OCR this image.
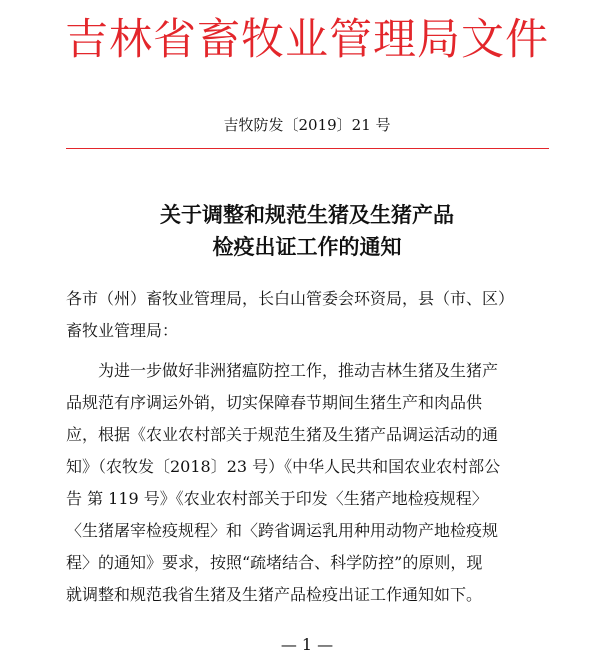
吉林省畜牧业管理局文件
吉牧防发〔2019〕21 号
关于调整和规范生猪及生猪产品
检疫出证工作的通知
各市（州）畜牧业管理局，长白山管委会环资局，县（市、区）
畜牧业管理局：
为进一步做好非洲猪瘟防控工作，推动吉林生猪及生猪产
品规范有序调运外销，切实保障春节期间生猪生产和肉品供
应，根据《农业农村部关于规范生猪及生猪产品调运活动的通
知》（农牧发〔2018〕23 号）《中华人民共和国农业农村部公
告 第 119 号》《农业农村部关于印发〈生猪产地检疫规程〉
〈生猪屠宰检疫规程〉和〈跨省调运乳用种用动物产地检疫规
程〉的通知》要求，按照“疏堵结合、科学防控”的原则，现
就调整和规范我省生猪及生猪产品检疫出证工作通知如下。
— 1 —
